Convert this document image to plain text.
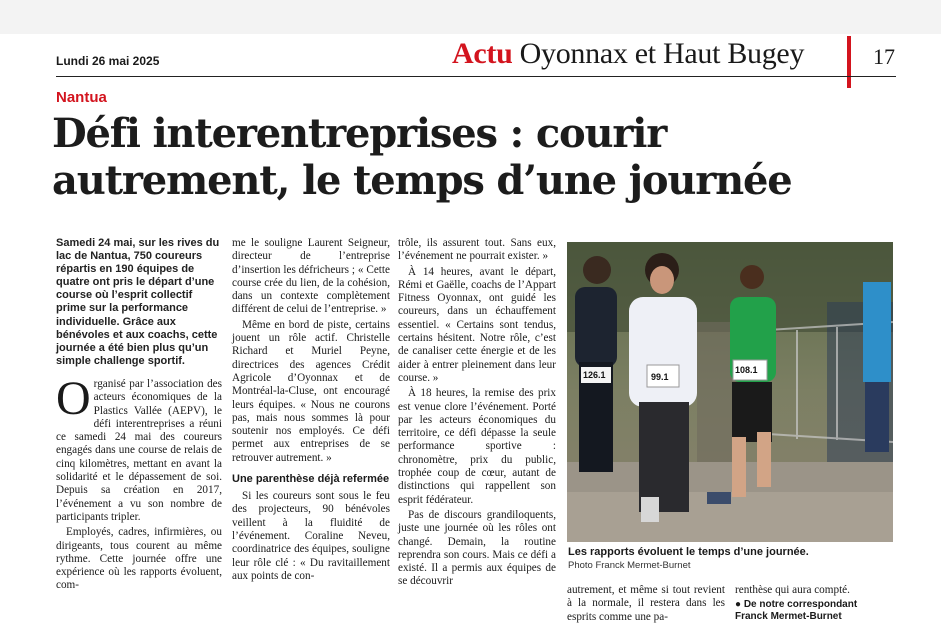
Lundi 26 mai 2025	Actu Oyonnax et Haut Bugey	17
Nantua
Défi interentreprises : courir autrement, le temps d’une journée

Samedi 24 mai, sur les rives du lac de Nantua, 750 coureurs répartis en 190 équipes de quatre ont pris le départ d’une course où l’esprit collectif prime sur la performance individuelle. Grâce aux bénévoles et aux coachs, cette journée a été bien plus qu’un simple challenge sportif.

Organisé par l’association des acteurs économiques de la Plastics Vallée (AEPV), le défi interentreprises a réuni ce samedi 24 mai des coureurs engagés dans une course de relais de cinq kilomètres, mettant en avant la solidarité et le dépassement de soi. Depuis sa création en 2017, l’événement a vu son nombre de participants tripler.

Employés, cadres, infirmières, ou dirigeants, tous courent au même rythme. Cette journée offre une expérience où les rapports évoluent, com-

me le souligne Laurent Seigneur, directeur de l’entreprise d’insertion les défricheurs ; « Cette course crée du lien, de la cohésion, dans un contexte complètement différent de celui de l’entreprise. »

Même en bord de piste, certains jouent un rôle actif. Christelle Richard et Muriel Peyne, directrices des agences Crédit Agricole d’Oyonnax et de Montréal-la-Cluse, ont encouragé leurs équipes. « Nous ne courons pas, mais nous sommes là pour soutenir nos employés. Ce défi permet aux entreprises de se retrouver autrement. »

Une parenthèse déjà refermée

Si les coureurs sont sous le feu des projecteurs, 90 bénévoles veillent à la fluidité de l’événement. Coraline Neveu, coordinatrice des équipes, souligne leur rôle clé : « Du ravitaillement aux points de con-

trôle, ils assurent tout. Sans eux, l’événement ne pourrait exister. »

À 14 heures, avant le départ, Rémi et Gaëlle, coachs de l’Appart Fitness Oyonnax, ont guidé les coureurs, dans un échauffement essentiel. « Certains sont tendus, certains hésitent. Notre rôle, c’est de canaliser cette énergie et de les aider à entrer pleinement dans leur course. »

À 18 heures, la remise des prix est venue clore l’événement. Porté par les acteurs économiques du territoire, ce défi dépasse la seule performance sportive : chronomètre, prix du public, trophée coup de cœur, autant de distinctions qui rappellent son esprit fédérateur.

Pas de discours grandiloquents, juste une journée où les rôles ont changé. Demain, la routine reprendra son cours. Mais ce défi a existé. Il a permis aux équipes de se découvrir

126.1	99.1
108.1
Les rapports évoluent le temps d’une journée.
Photo Franck Mermet-Burnet
autrement, et même si tout revient à la normale, il restera dans les esprits comme une pa-
renthèse qui aura compté.
● De notre correspondant
Franck Mermet-Burnet
